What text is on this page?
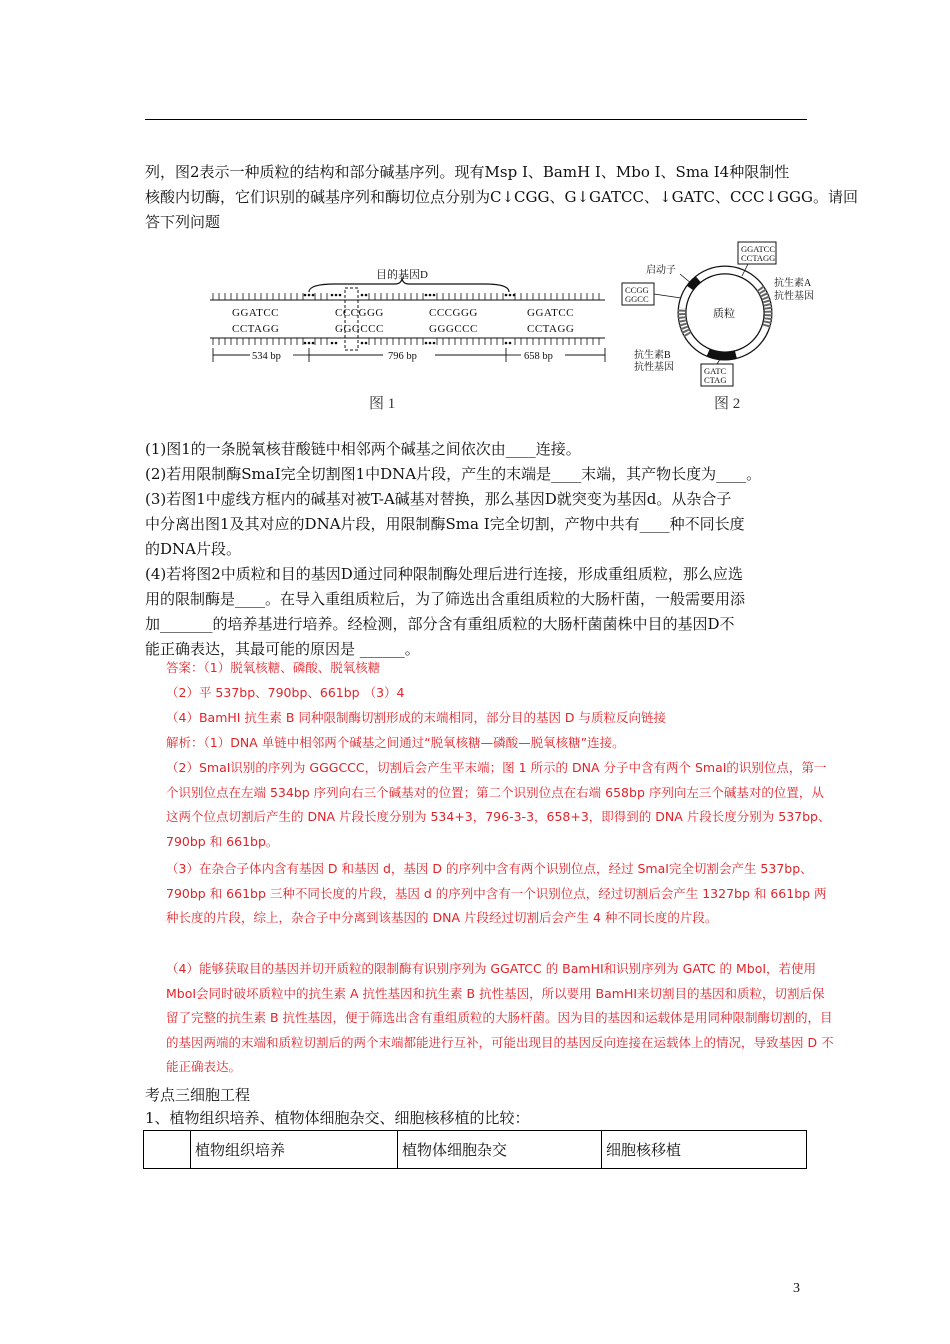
列，图2表示一种质粒的结构和部分碱基序列。现有Msp Ⅰ、BamH Ⅰ、Mbo Ⅰ、Sma Ⅰ4种限制性

核酸内切酶，它们识别的碱基序列和酶切位点分别为C↓CGG、G↓GATCC、↓GATC、CCC↓GGG。请回

答下列问题

目的基因D
GGATCC	CCCGGG	CCCGGG	GGATCC
CCTAGG	GGGCCC	GGGCCC	CCTAGG
534 bp	796 bp	658 bp
图 1
质粒
启动子
GGATCC
CCTAGG
CCGG
GGCC
GATC
CTAG
抗生素A
抗性基因
抗生素B
抗性基因
图 2

(1)图1的一条脱氧核苷酸链中相邻两个碱基之间依次由____连接。

(2)若用限制酶SmaⅠ完全切割图1中DNA片段，产生的末端是____末端，其产物长度为____。

(3)若图1中虚线方框内的碱基对被T-A碱基对替换，那么基因D就突变为基因d。从杂合子

中分离出图1及其对应的DNA片段，用限制酶Sma Ⅰ完全切割，产物中共有____种不同长度

的DNA片段。

(4)若将图2中质粒和目的基因D通过同种限制酶处理后进行连接，形成重组质粒，那么应选

用的限制酶是____。在导入重组质粒后，为了筛选出含重组质粒的大肠杆菌，一般需要用添

加_______的培养基进行培养。经检测，部分含有重组质粒的大肠杆菌菌株中目的基因D不

能正确表达，其最可能的原因是 ______。

答案：（1）脱氧核糖、磷酸、脱氧核糖

（2）平 537bp、790bp、661bp （3）4

（4）BamHⅠ 抗生素 B 同种限制酶切割形成的末端相同，部分目的基因 D 与质粒反向链接

解析：（1）DNA 单链中相邻两个碱基之间通过“脱氧核糖—磷酸—脱氧核糖”连接。

（2）SmaⅠ识别的序列为 GGGCCC，切割后会产生平末端；图 1 所示的 DNA 分子中含有两个 SmaⅠ的识别位点，第一个识别位点在左端 534bp 序列向右三个碱基对的位置；第二个识别位点在右端 658bp 序列向左三个碱基对的位置，从这两个位点切割后产生的 DNA 片段长度分别为 534+3，796-3-3，658+3，即得到的 DNA 片段长度分别为 537bp、790bp 和 661bp。

（3）在杂合子体内含有基因 D 和基因 d，基因 D 的序列中含有两个识别位点，经过 SmaⅠ完全切割会产生 537bp、790bp 和 661bp 三种不同长度的片段，基因 d 的序列中含有一个识别位点，经过切割后会产生 1327bp 和 661bp 两种长度的片段，综上，杂合子中分离到该基因的 DNA 片段经过切割后会产生 4 种不同长度的片段。

（4）能够获取目的基因并切开质粒的限制酶有识别序列为 GGATCC 的 BamHⅠ和识别序列为 GATC 的 MboⅠ，若使用 MboⅠ会同时破坏质粒中的抗生素 A 抗性基因和抗生素 B 抗性基因，所以要用 BamHⅠ来切割目的基因和质粒，切割后保留了完整的抗生素 B 抗性基因，便于筛选出含有重组质粒的大肠杆菌。因为目的基因和运载体是用同种限制酶切割的，目的基因两端的末端和质粒切割后的两个末端都能进行互补，可能出现目的基因反向连接在运载体上的情况，导致基因 D 不能正确表达。

考点三细胞工程
1、植物组织培养、植物体细胞杂交、细胞核移植的比较：
	植物组织培养	植物体细胞杂交	细胞核移植
3
